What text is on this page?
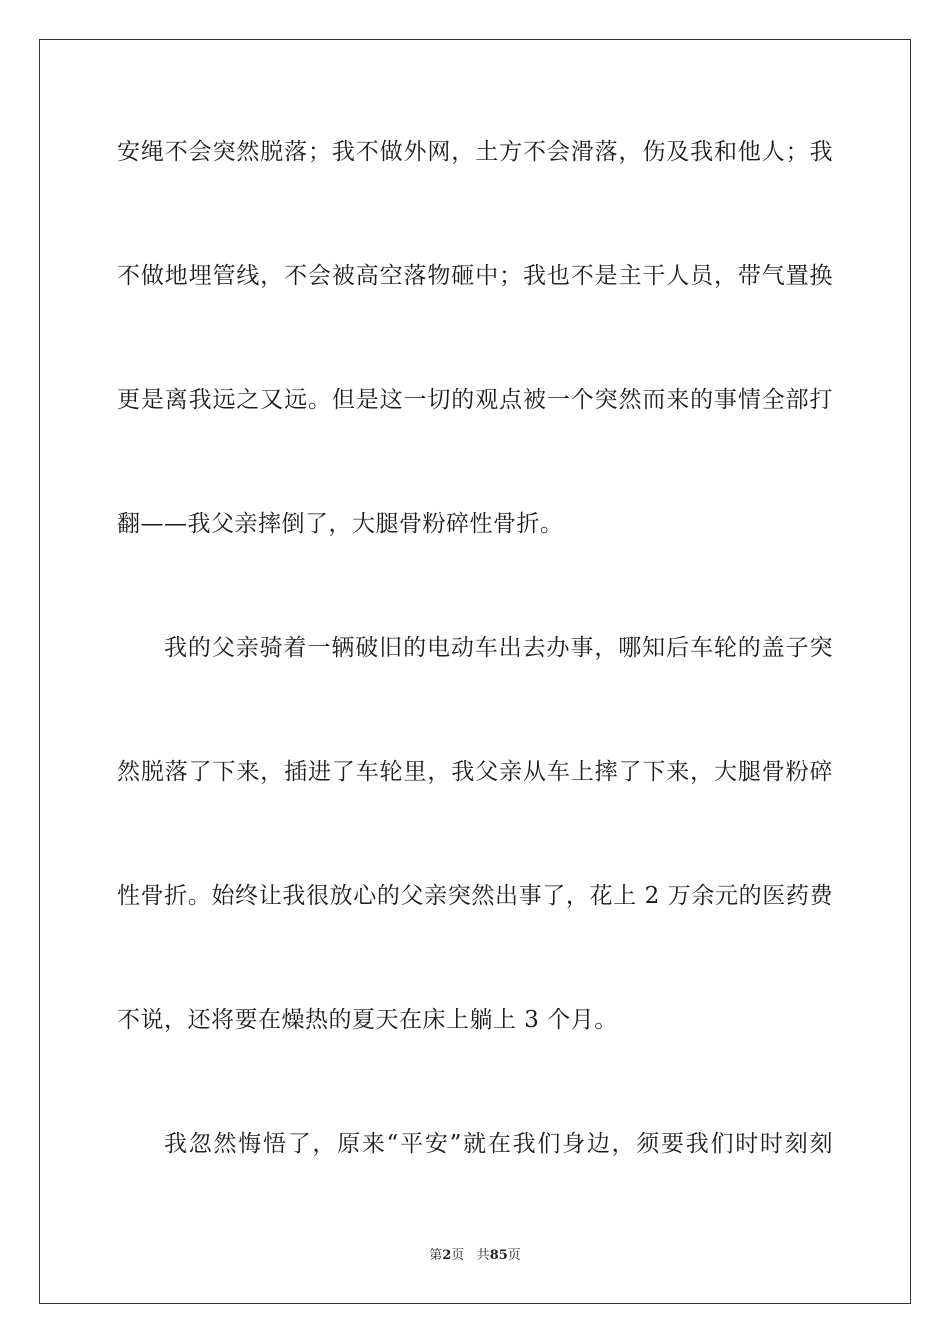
安绳不会突然脱落；我不做外网，土方不会滑落，伤及我和他人；我
不做地埋管线，不会被高空落物砸中；我也不是主干人员，带气置换
更是离我远之又远。但是这一切的观点被一个突然而来的事情全部打
翻——我父亲摔倒了，大腿骨粉碎性骨折。
我的父亲骑着一辆破旧的电动车出去办事，哪知后车轮的盖子突
然脱落了下来，插进了车轮里，我父亲从车上摔了下来，大腿骨粉碎
性骨折。始终让我很放心的父亲突然出事了，花上 2 万余元的医药费
不说，还将要在燥热的夏天在床上躺上 3 个月。
我忽然悔悟了，原来“平安”就在我们身边，须要我们时时刻刻
第2页 共85页
